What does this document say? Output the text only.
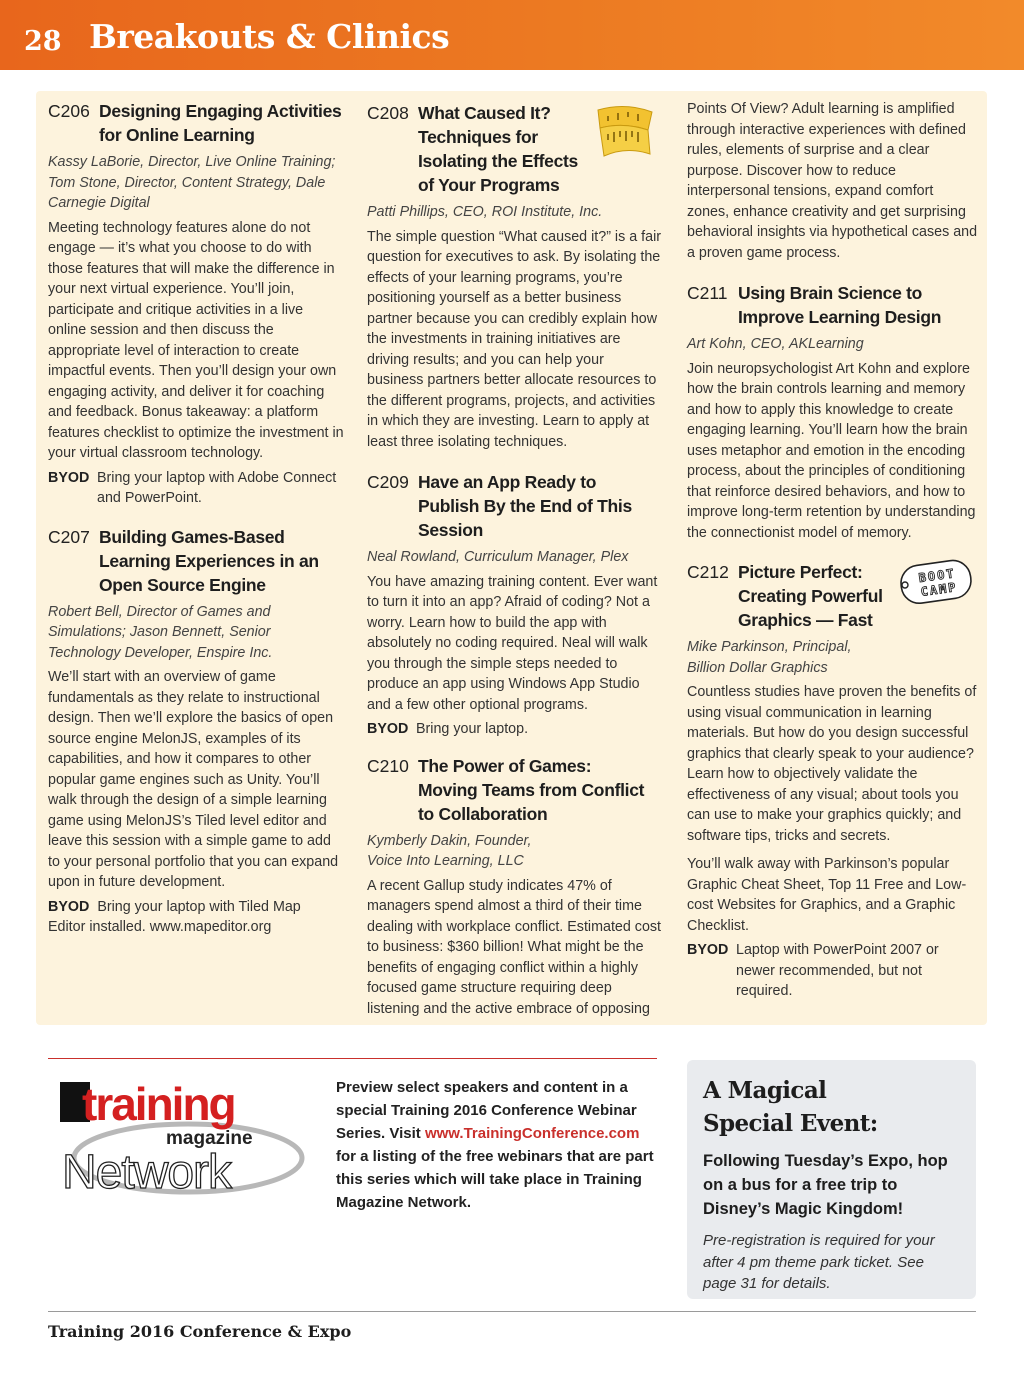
28 Breakouts & Clinics
C206 Designing Engaging Activities for Online Learning
Kassy LaBorie, Director, Live Online Training; Tom Stone, Director, Content Strategy, Dale Carnegie Digital
Meeting technology features alone do not engage — it’s what you choose to do with those features that will make the difference in your next virtual experience. You’ll join, participate and critique activities in a live online session and then discuss the appropriate level of interaction to create impactful events. Then you’ll design your own engaging activity, and deliver it for coaching and feedback. Bonus takeaway: a platform features checklist to optimize the investment in your virtual classroom technology.
BYOD Bring your laptop with Adobe Connect and PowerPoint.
C207 Building Games-Based Learning Experiences in an Open Source Engine
Robert Bell, Director of Games and Simulations; Jason Bennett, Senior Technology Developer, Enspire Inc.
We’ll start with an overview of game fundamentals as they relate to instructional design. Then we’ll explore the basics of open source engine MelonJS, examples of its capabilities, and how it compares to other popular game engines such as Unity. You’ll walk through the design of a simple learning game using MelonJS’s Tiled level editor and leave this session with a simple game to add to your personal portfolio that you can expand upon in future development.
BYOD Bring your laptop with Tiled Map
Editor installed. www.mapeditor.org
C208 What Caused It? Techniques for Isolating the Effects of Your Programs
Patti Phillips, CEO, ROI Institute, Inc.
The simple question “What caused it?” is a fair question for executives to ask. By isolating the effects of your learning programs, you’re positioning yourself as a better business partner because you can credibly explain how the investments in training initiatives are driving results; and you can help your business partners better allocate resources to the different programs, projects, and activities in which they are investing. Learn to apply at least three isolating techniques.
C209 Have an App Ready to Publish By the End of This Session
Neal Rowland, Curriculum Manager, Plex
You have amazing training content. Ever want to turn it into an app? Afraid of coding? Not a worry. Learn how to build the app with absolutely no coding required. Neal will walk you through the simple steps needed to produce an app using Windows App Studio and a few other optional programs.
BYOD Bring your laptop.
C210 The Power of Games: Moving Teams from Conflict to Collaboration
Kymberly Dakin, Founder,
Voice Into Learning, LLC
A recent Gallup study indicates 47% of managers spend almost a third of their time dealing with workplace conflict. Estimated cost to business: $360 billion! What might be the benefits of engaging conflict within a highly focused game structure requiring deep listening and the active embrace of opposing
Points Of View? Adult learning is amplified through interactive experiences with defined rules, elements of surprise and a clear purpose. Discover how to reduce interpersonal tensions, expand comfort zones, enhance creativity and get surprising behavioral insights via hypothetical cases and a proven game process.
C211 Using Brain Science to Improve Learning Design
Art Kohn, CEO, AKLearning
Join neuropsychologist Art Kohn and explore how the brain controls learning and memory and how to apply this knowledge to create engaging learning. You’ll learn how the brain uses metaphor and emotion in the encoding process, about the principles of conditioning that reinforce desired behaviors, and how to improve long-term retention by understanding the connectionist model of memory.
C212 Picture Perfect: Creating Powerful Graphics — Fast
Mike Parkinson, Principal,
Billion Dollar Graphics
Countless studies have proven the benefits of using visual communication in learning materials. But how do you design successful graphics that clearly speak to your audience? Learn how to objectively validate the effectiveness of any visual; about tools you can use to make your graphics quickly; and software tips, tricks and secrets.
You’ll walk away with Parkinson’s popular Graphic Cheat Sheet, Top 11 Free and Low-cost Websites for Graphics, and a Graphic Checklist.
BYOD Laptop with PowerPoint 2007 or newer recommended, but not required.
BOOT
CAMP
training
magazine
Network
Preview select speakers and content in a special Training 2016 Conference Webinar Series. Visit www.TrainingConference.com for a listing of the free webinars that are part this series which will take place in Training Magazine Network.
A Magical
Special Event:
Following Tuesday’s Expo, hop on a bus for a free trip to Disney’s Magic Kingdom!
Pre-registration is required for your after 4 pm theme park ticket. See page 31 for details.
Training 2016 Conference & Expo
